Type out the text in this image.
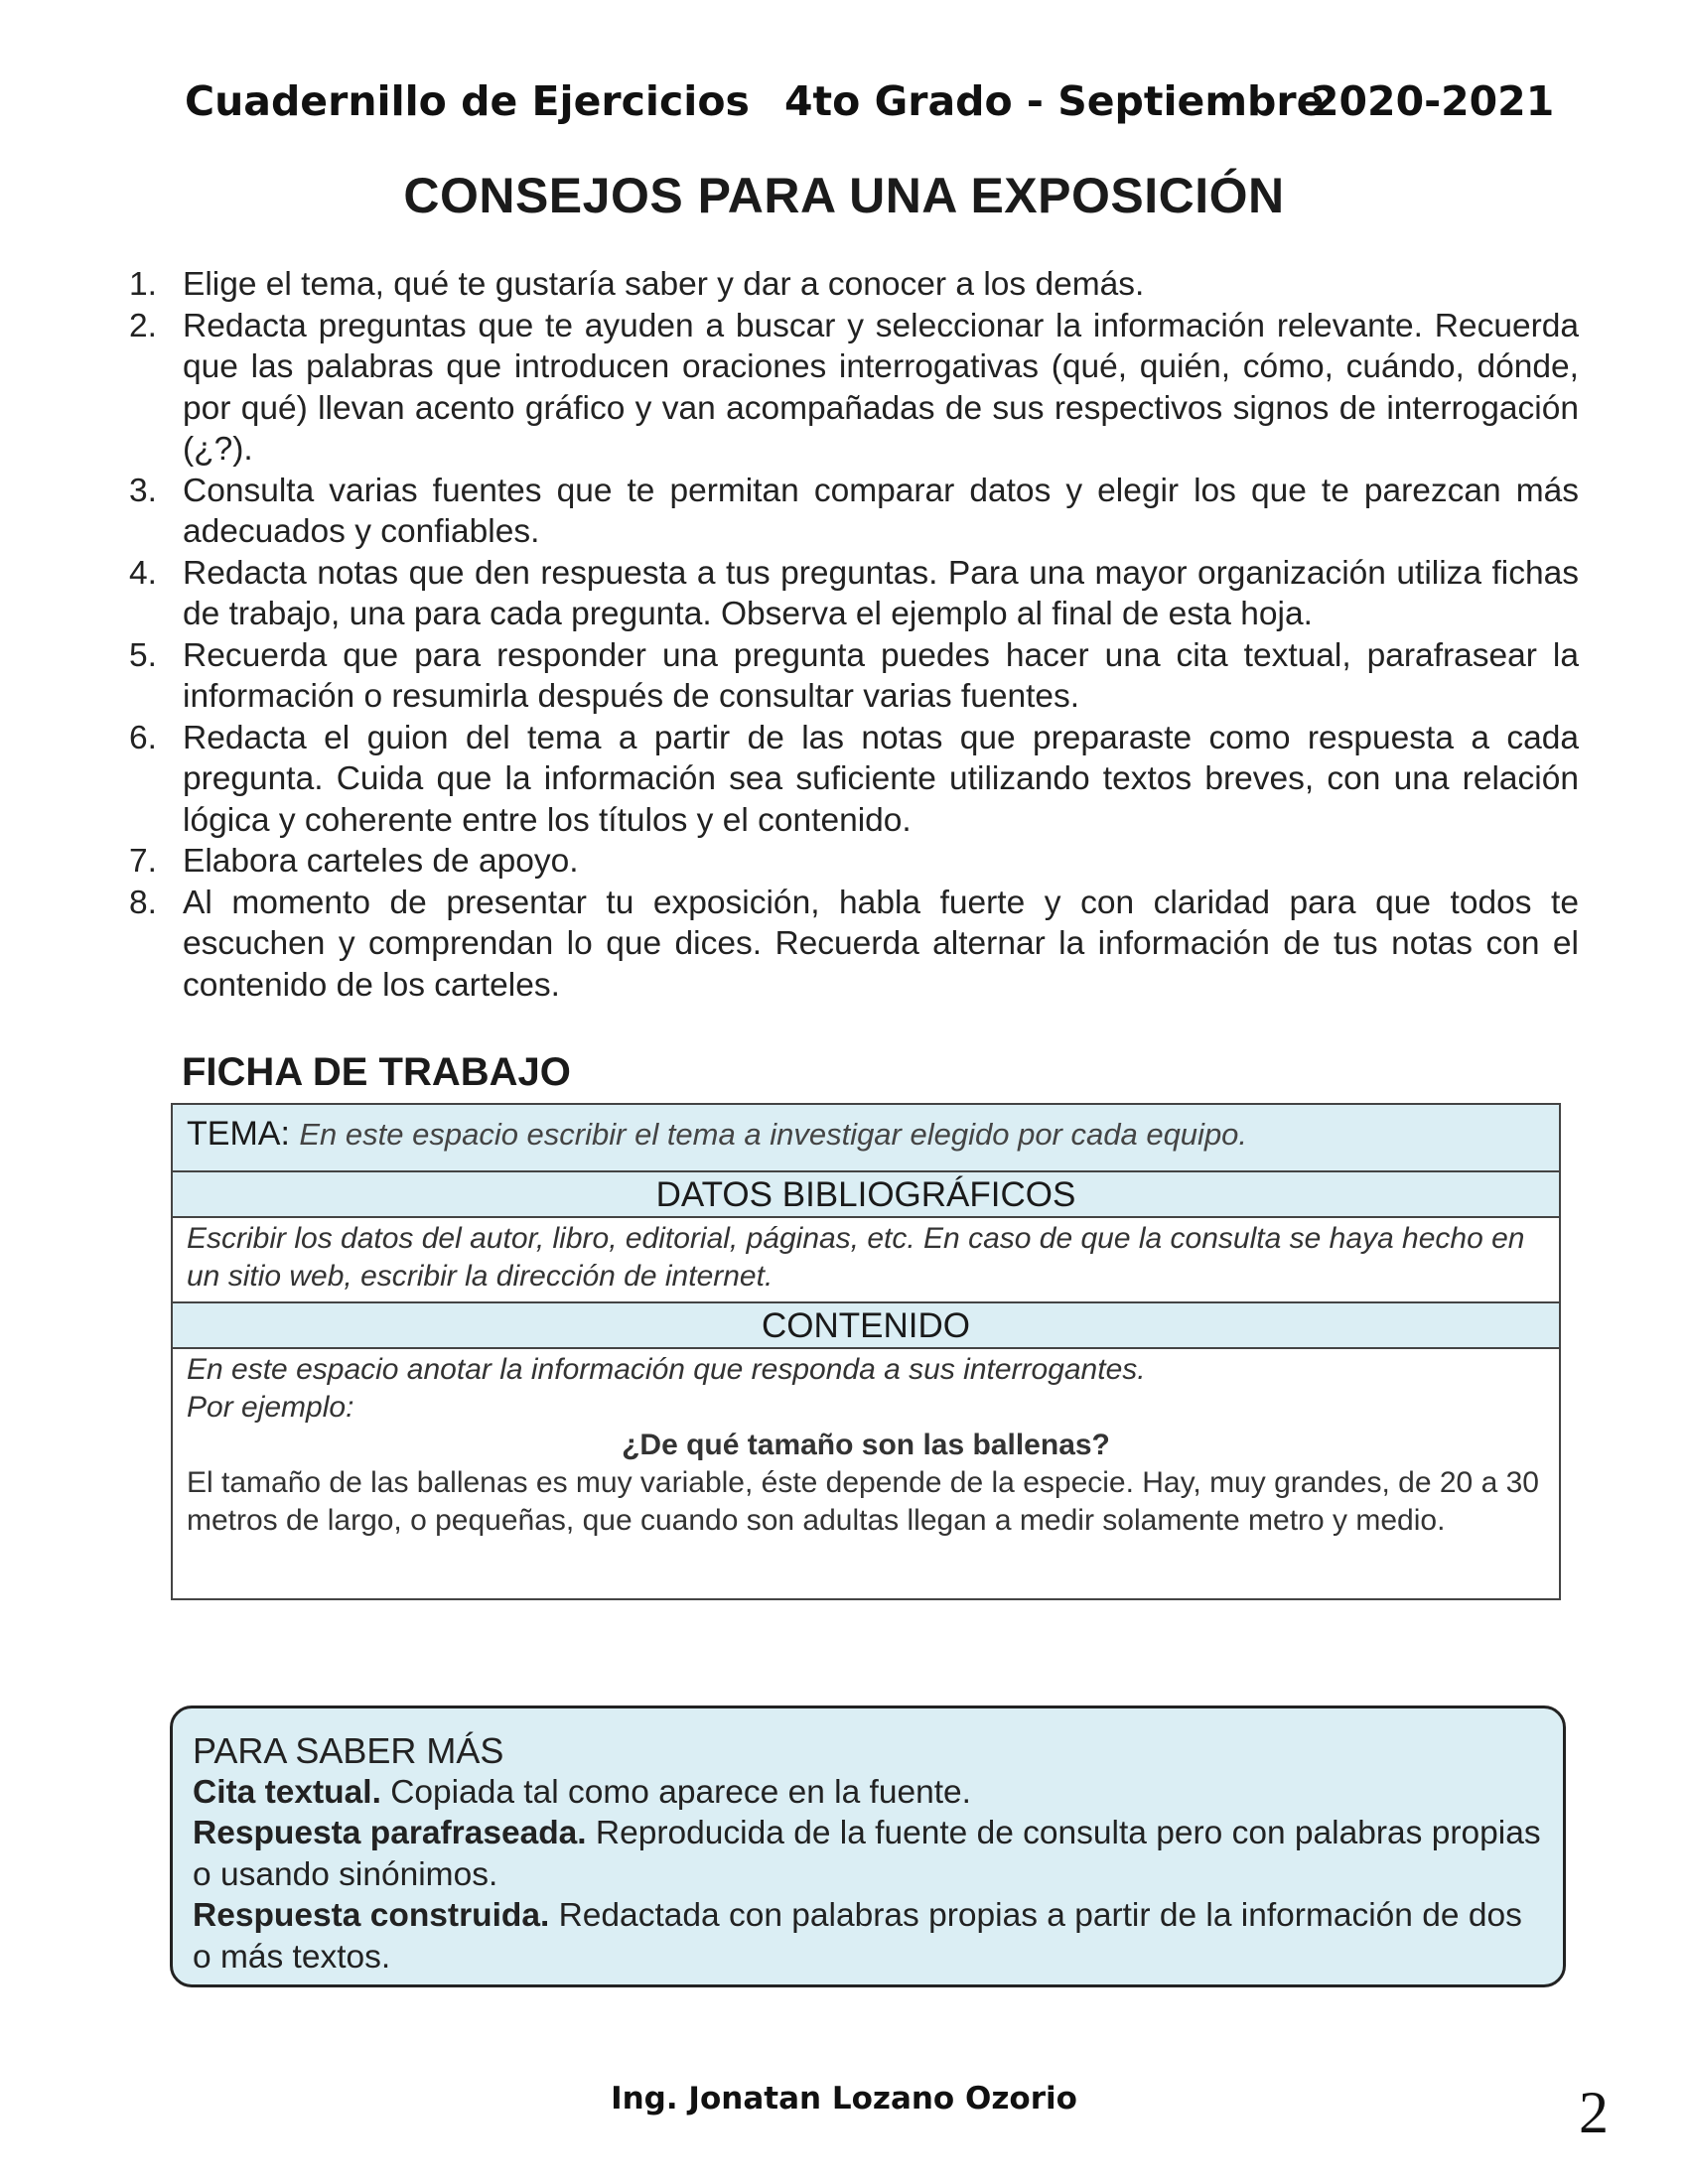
Cuadernillo de Ejercicios 4to Grado - Septiembre
2020-2021
CONSEJOS PARA UNA EXPOSICIÓN
1. Elige el tema, qué te gustaría saber y dar a conocer a los demás.
2. Redacta preguntas que te ayuden a buscar y seleccionar la información relevante. Recuerda que las palabras que introducen oraciones interrogativas (qué, quién, cómo, cuándo, dónde, por qué) llevan acento gráfico y van acompañadas de sus respectivos signos de interrogación (¿?).
3. Consulta varias fuentes que te permitan comparar datos y elegir los que te parezcan más adecuados y confiables.
4. Redacta notas que den respuesta a tus preguntas. Para una mayor organización utiliza fichas de trabajo, una para cada pregunta. Observa el ejemplo al final de esta hoja.
5. Recuerda que para responder una pregunta puedes hacer una cita textual, parafrasear la información o resumirla después de consultar varias fuentes.
6. Redacta el guion del tema a partir de las notas que preparaste como respuesta a cada pregunta. Cuida que la información sea suficiente utilizando textos breves, con una relación lógica y coherente entre los títulos y el contenido.
7. Elabora carteles de apoyo.
8. Al momento de presentar tu exposición, habla fuerte y con claridad para que todos te escuchen y comprendan lo que dices. Recuerda alternar la información de tus notas con el contenido de los carteles.
FICHA DE TRABAJO
TEMA: En este espacio escribir el tema a investigar elegido por cada equipo.
DATOS BIBLIOGRÁFICOS
Escribir los datos del autor, libro, editorial, páginas, etc. En caso de que la consulta se haya hecho en un sitio web, escribir la dirección de internet.
CONTENIDO
En este espacio anotar la información que responda a sus interrogantes.
Por ejemplo:
¿De qué tamaño son las ballenas?
El tamaño de las ballenas es muy variable, éste depende de la especie. Hay, muy grandes, de 20 a 30 metros de largo, o pequeñas, que cuando son adultas llegan a medir solamente metro y medio.
PARA SABER MÁS
Cita textual. Copiada tal como aparece en la fuente.
Respuesta parafraseada. Reproducida de la fuente de consulta pero con palabras propias o usando sinónimos.
Respuesta construida. Redactada con palabras propias a partir de la información de dos o más textos.
Ing. Jonatan Lozano Ozorio	2
